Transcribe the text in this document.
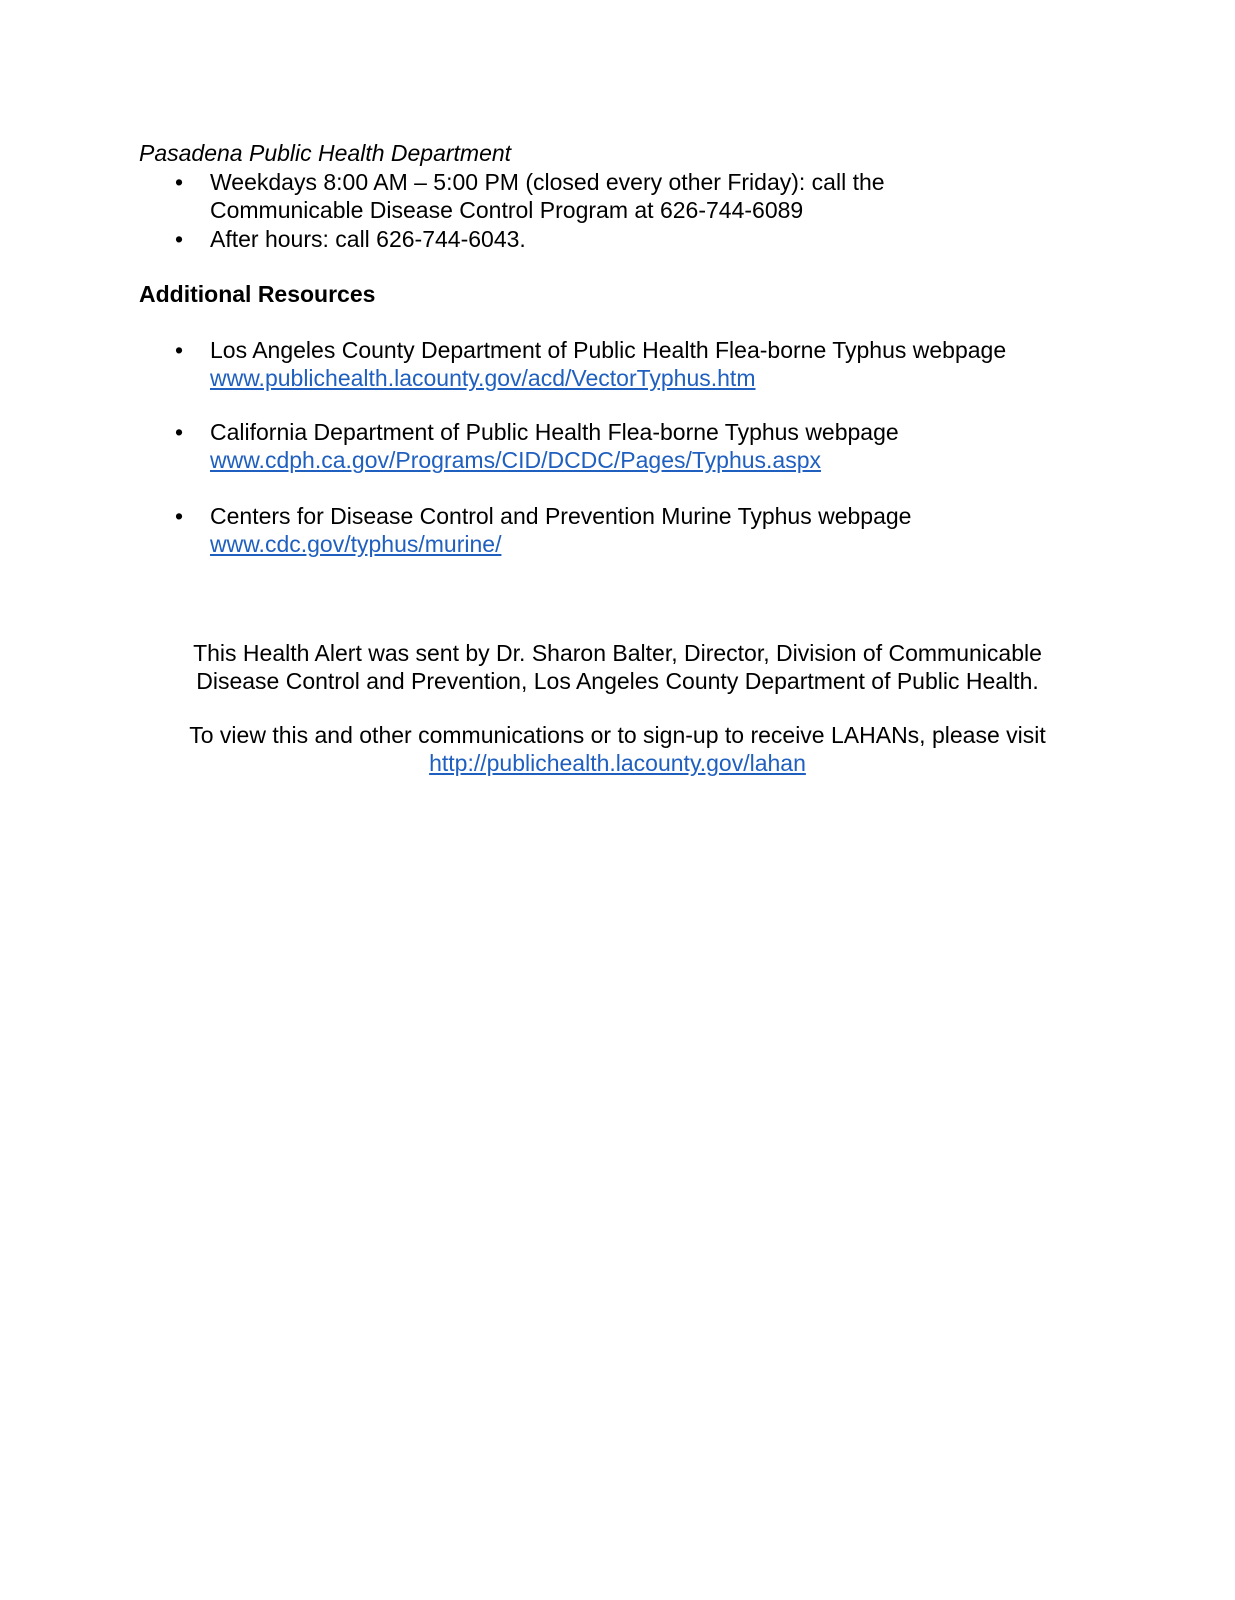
Pasadena Public Health Department
• Weekdays 8:00 AM – 5:00 PM (closed every other Friday): call the
Communicable Disease Control Program at 626-744-6089
• After hours: call 626-744-6043.
Additional Resources
• Los Angeles County Department of Public Health Flea-borne Typhus webpage
www.publichealth.lacounty.gov/acd/VectorTyphus.htm
• California Department of Public Health Flea-borne Typhus webpage
www.cdph.ca.gov/Programs/CID/DCDC/Pages/Typhus.aspx
• Centers for Disease Control and Prevention Murine Typhus webpage
www.cdc.gov/typhus/murine/
This Health Alert was sent by Dr. Sharon Balter, Director, Division of Communicable
Disease Control and Prevention, Los Angeles County Department of Public Health.
To view this and other communications or to sign-up to receive LAHANs, please visit
http://publichealth.lacounty.gov/lahan
